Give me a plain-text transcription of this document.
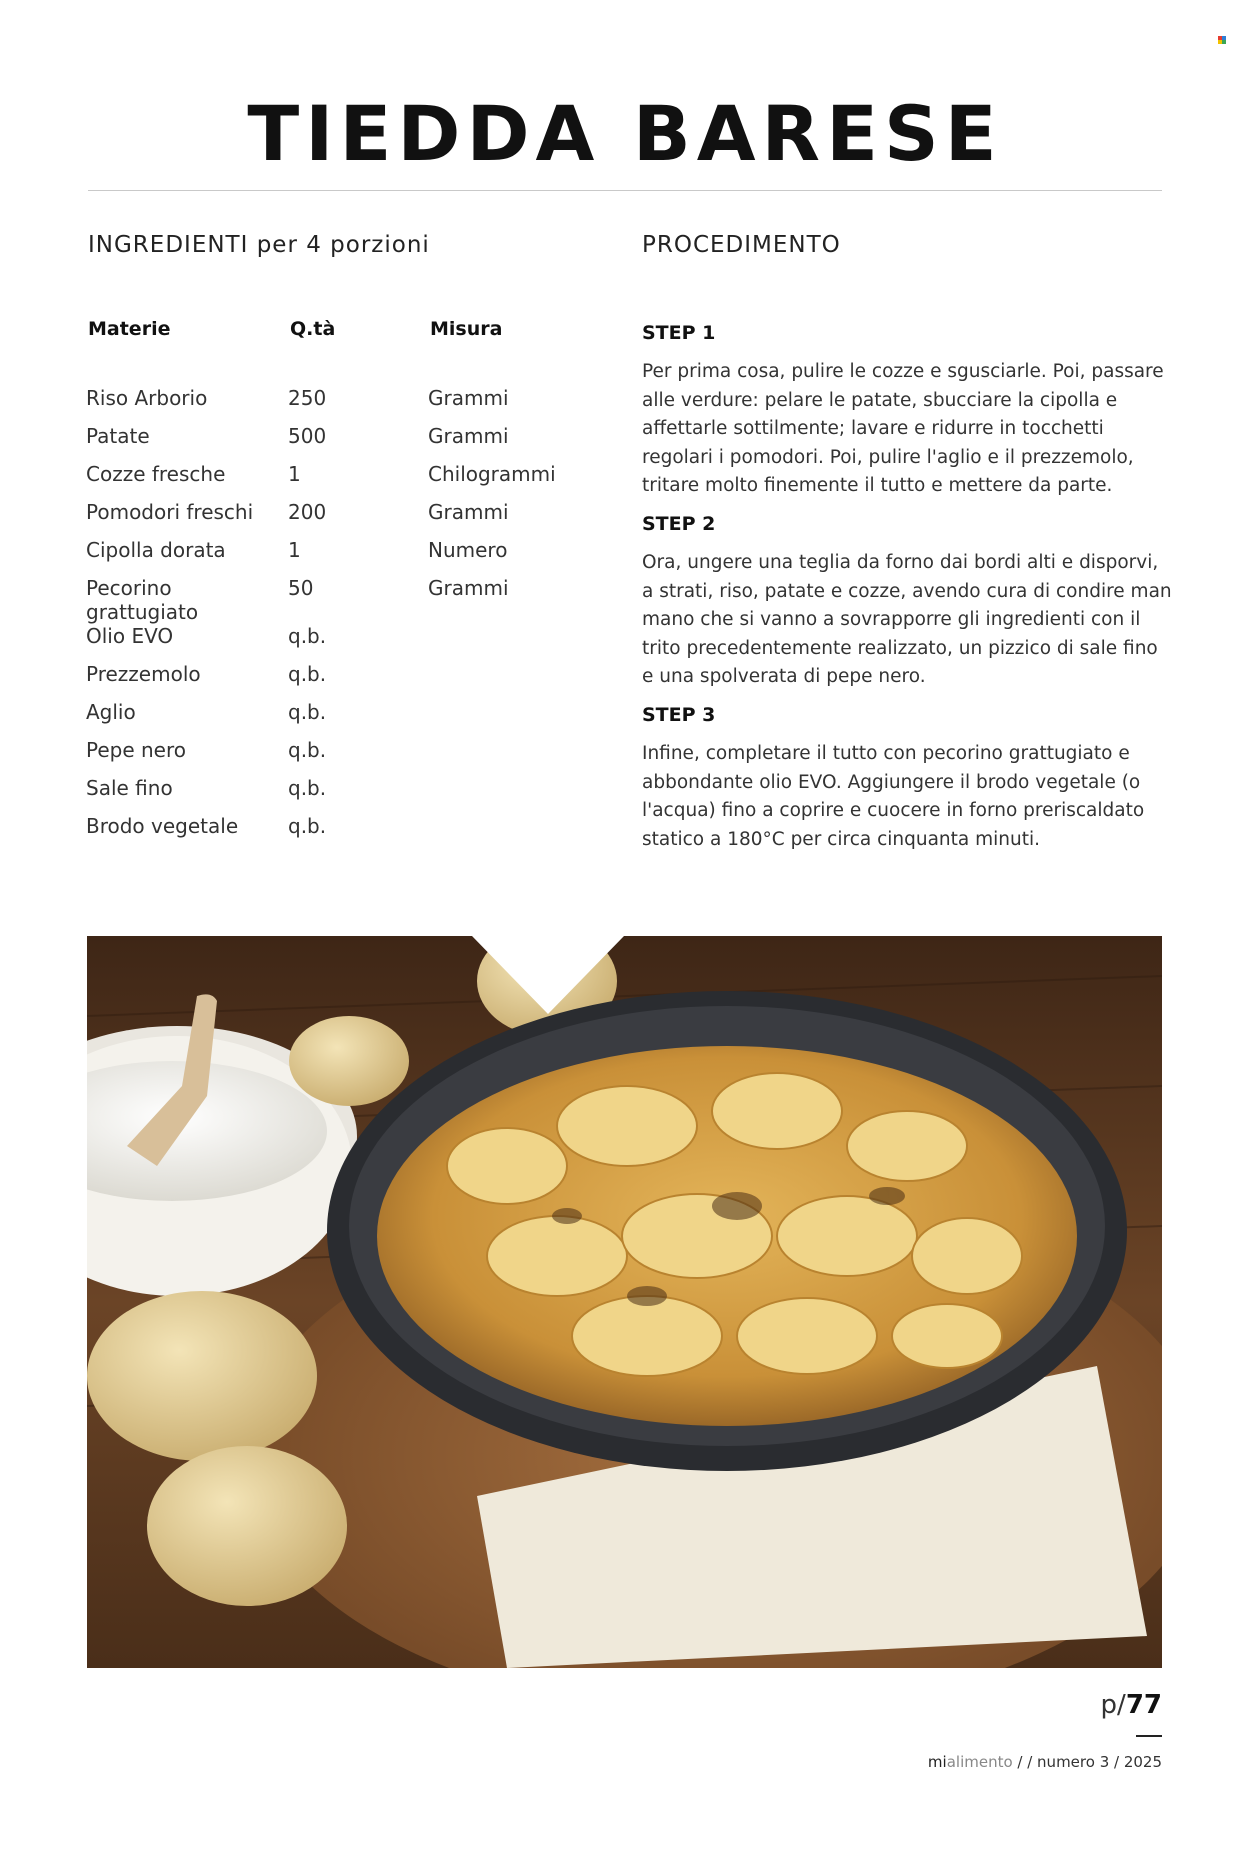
TIEDDA BARESE
INGREDIENTI per 4 porzioni	PROCEDIMENTO
Materie	Q.tà	Misura
Riso Arborio	250	Grammi
Patate	500	Grammi
Cozze fresche	1	Chilogrammi
Pomodori freschi	200	Grammi
Cipolla dorata	1	Numero
Pecorino grattugiato	50	Grammi
Olio EVO	q.b.	
Prezzemolo	q.b.	
Aglio	q.b.	
Pepe nero	q.b.	
Sale fino	q.b.	
Brodo vegetale	q.b.	

STEP 1

Per prima cosa, pulire le cozze e sgusciarle. Poi, passare alle verdure: pelare le patate, sbucciare la cipolla e affettarle sottilmente; lavare e ridurre in tocchetti regolari i pomodori. Poi, pulire l'aglio e il prezzemolo, tritare molto finemente il tutto e mettere da parte.

STEP 2

Ora, ungere una teglia da forno dai bordi alti e disporvi, a strati, riso, patate e cozze, avendo cura di condire man mano che si vanno a sovrapporre gli ingredienti con il trito precedentemente realizzato, un pizzico di sale fino e una spolverata di pepe nero.

STEP 3

Infine, completare il tutto con pecorino grattugiato e abbondante olio EVO. Aggiungere il brodo vegetale (o l'acqua) fino a coprire e cuocere in forno preriscaldato statico a 180°C per circa cinquanta minuti.

p/77
mialimento / / numero 3 / 2025
